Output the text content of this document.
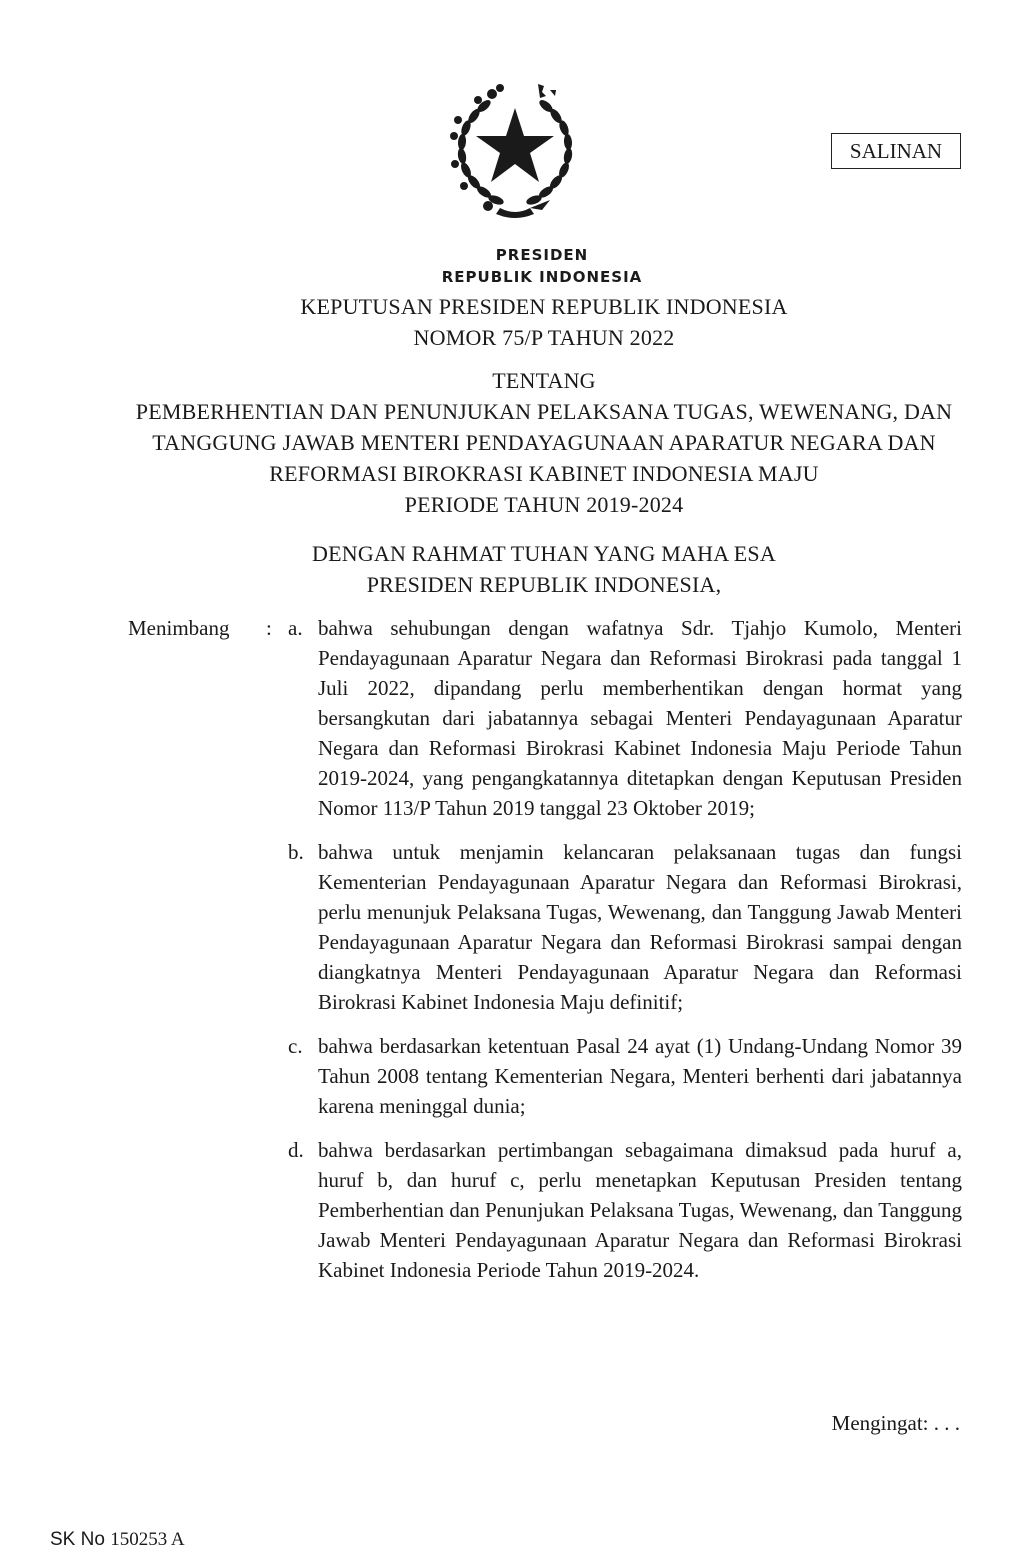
SALINAN
PRESIDEN
REPUBLIK INDONESIA
KEPUTUSAN PRESIDEN REPUBLIK INDONESIA
NOMOR 75/P TAHUN 2022
TENTANG
PEMBERHENTIAN DAN PENUNJUKAN PELAKSANA TUGAS, WEWENANG, DAN
TANGGUNG JAWAB MENTERI PENDAYAGUNAAN APARATUR NEGARA DAN
REFORMASI BIROKRASI KABINET INDONESIA MAJU
PERIODE TAHUN 2019-2024
DENGAN RAHMAT TUHAN YANG MAHA ESA
PRESIDEN REPUBLIK INDONESIA,
Menimbang	: a. bahwa sehubungan dengan wafatnya Sdr. Tjahjo Kumolo, Menteri Pendayagunaan Aparatur Negara dan Reformasi Birokrasi pada tanggal 1 Juli 2022, dipandang perlu memberhentikan dengan hormat yang bersangkutan dari jabatannya sebagai Menteri Pendayagunaan Aparatur Negara dan Reformasi Birokrasi Kabinet Indonesia Maju Periode Tahun 2019-2024, yang pengangkatannya ditetapkan dengan Keputusan Presiden Nomor 113/P Tahun 2019 tanggal 23 Oktober 2019;
b. bahwa untuk menjamin kelancaran pelaksanaan tugas dan fungsi Kementerian Pendayagunaan Aparatur Negara dan Reformasi Birokrasi, perlu menunjuk Pelaksana Tugas, Wewenang, dan Tanggung Jawab Menteri Pendayagunaan Aparatur Negara dan Reformasi Birokrasi sampai dengan diangkatnya Menteri Pendayagunaan Aparatur Negara dan Reformasi Birokrasi Kabinet Indonesia Maju definitif;
c. bahwa berdasarkan ketentuan Pasal 24 ayat (1) Undang-Undang Nomor 39 Tahun 2008 tentang Kementerian Negara, Menteri berhenti dari jabatannya karena meninggal dunia;
d. bahwa berdasarkan pertimbangan sebagaimana dimaksud pada huruf a, huruf b, dan huruf c, perlu menetapkan Keputusan Presiden tentang Pemberhentian dan Penunjukan Pelaksana Tugas, Wewenang, dan Tanggung Jawab Menteri Pendayagunaan Aparatur Negara dan Reformasi Birokrasi Kabinet Indonesia Periode Tahun 2019-2024.
Mengingat: . . .
SK No 150253 A
